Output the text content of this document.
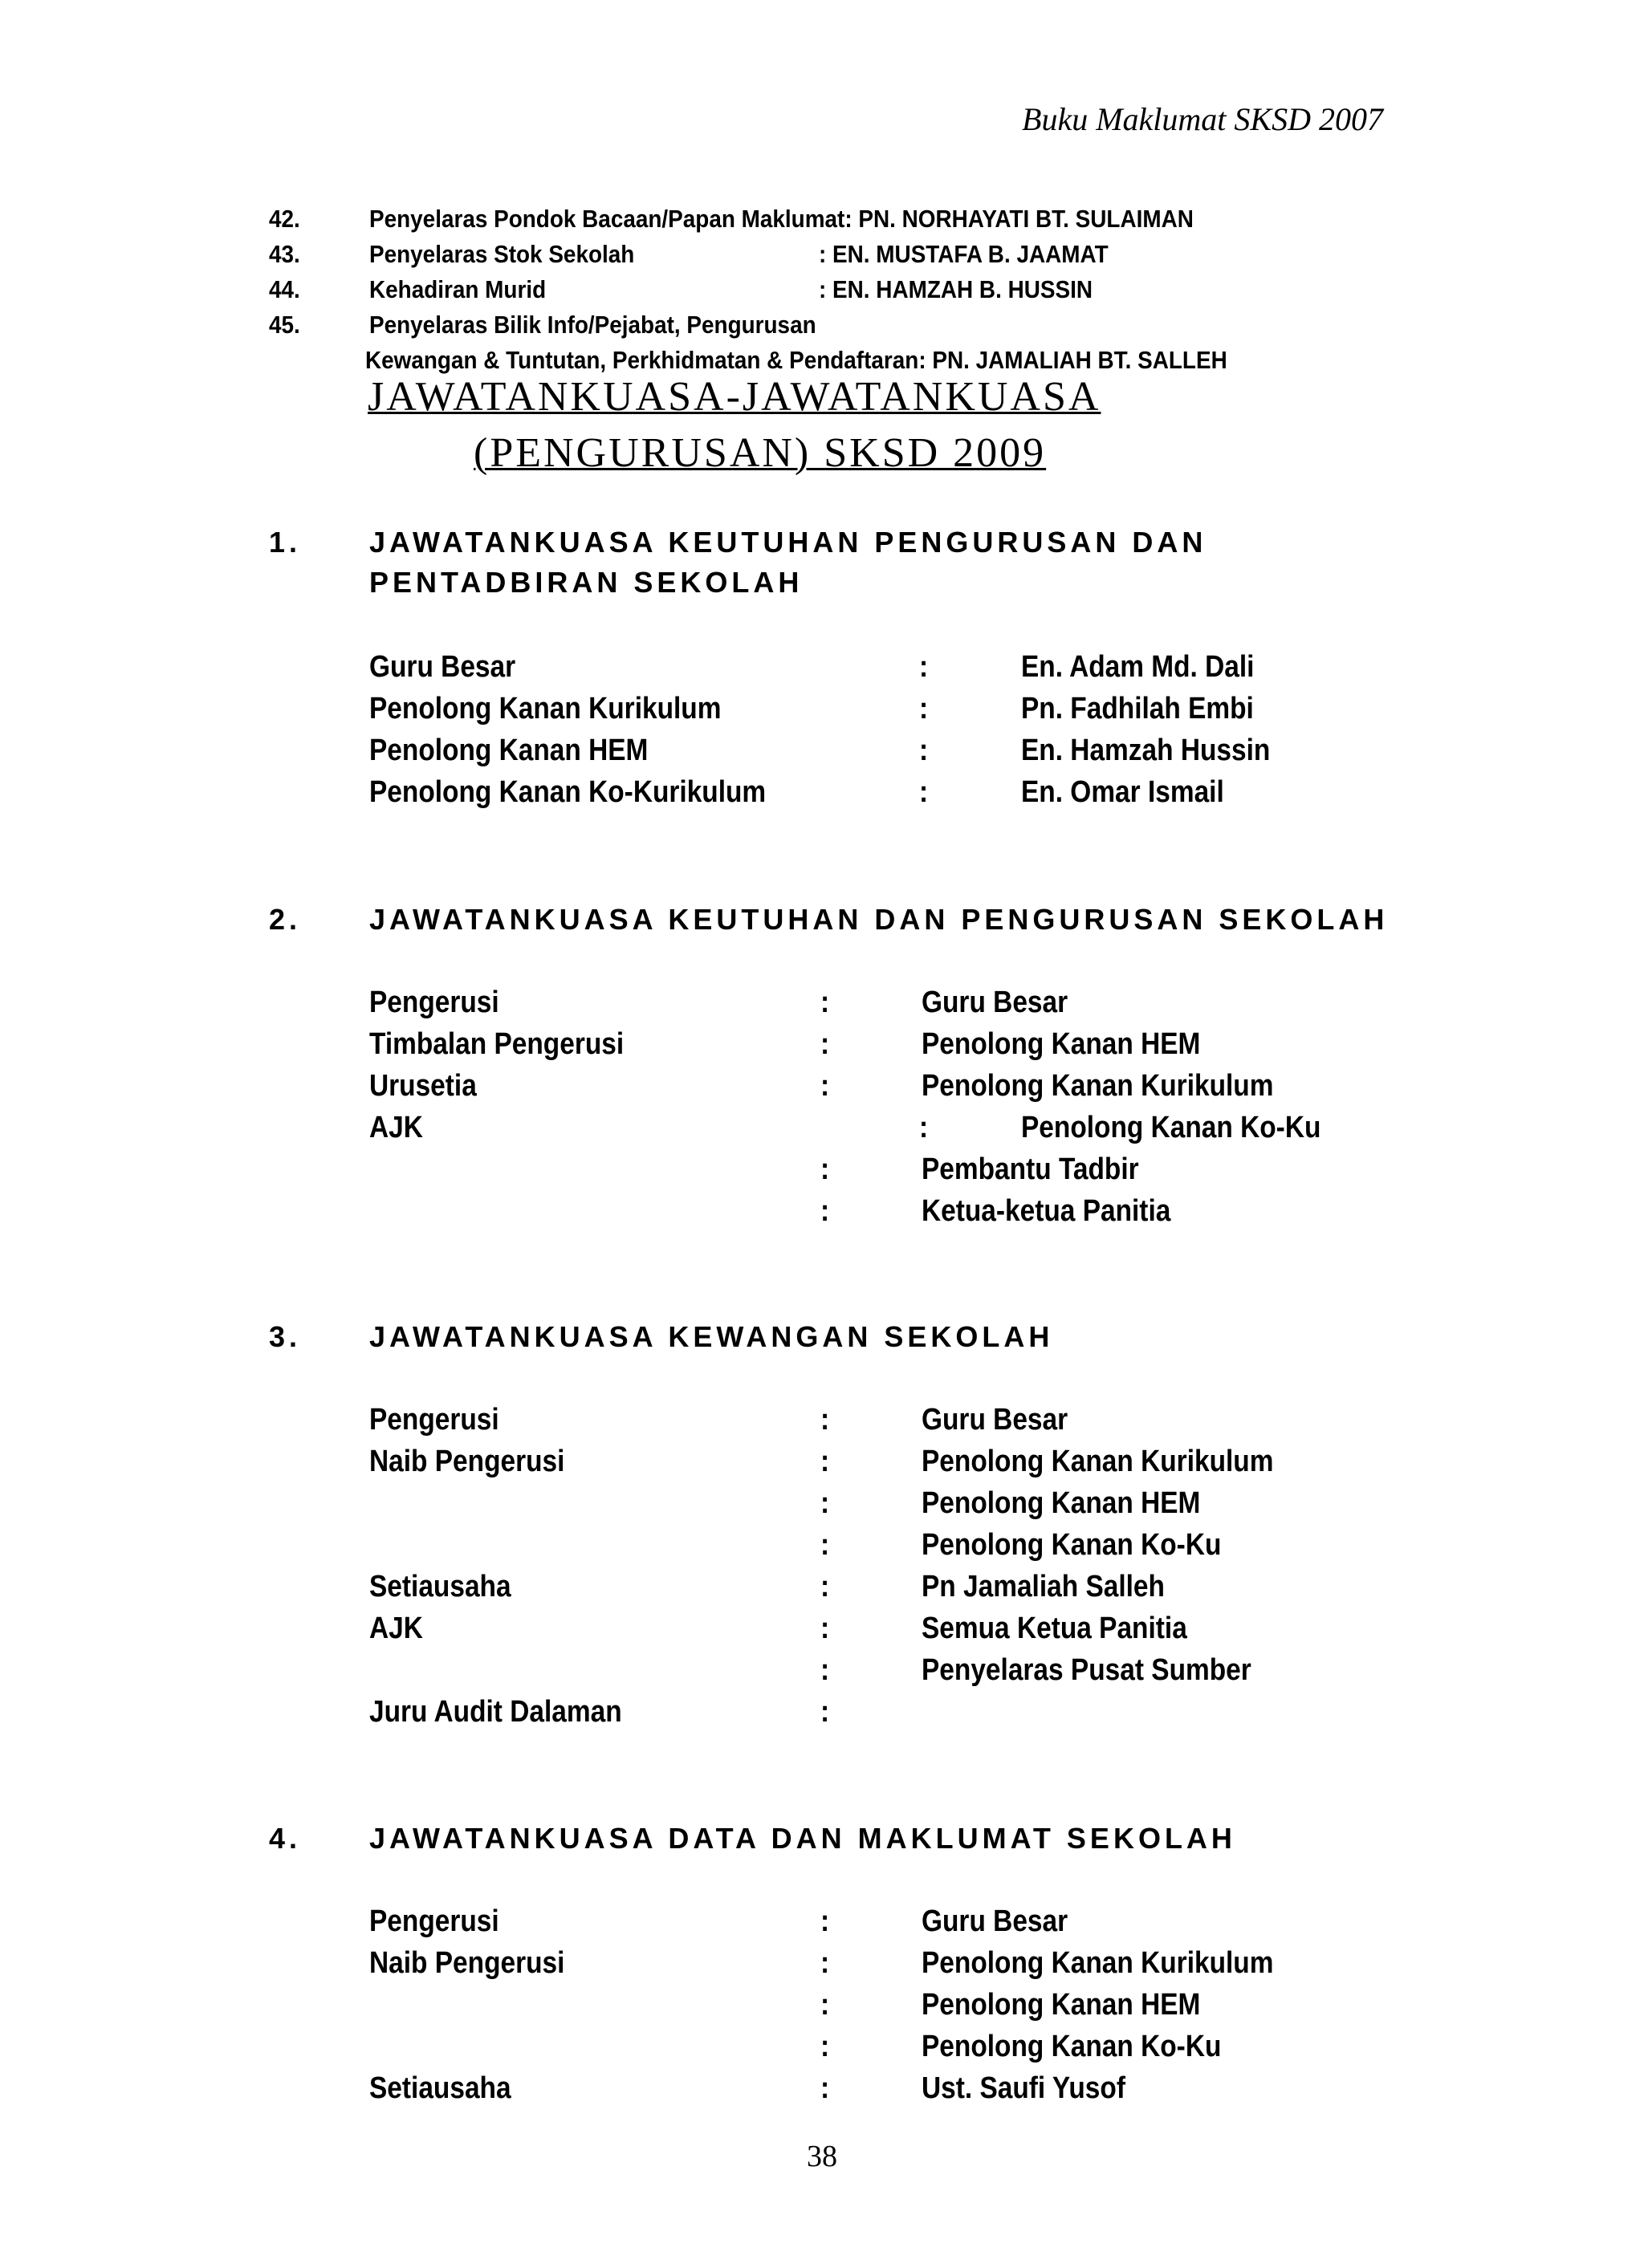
Buku Maklumat SKSD 2007
42.	Penyelaras Pondok Bacaan/Papan Maklumat: PN. NORHAYATI BT. SULAIMAN
43.	Penyelaras Stok Sekolah	: EN. MUSTAFA B. JAAMAT
44.	Kehadiran Murid	: EN. HAMZAH B. HUSSIN
45.	Penyelaras Bilik Info/Pejabat, Pengurusan
Kewangan & Tuntutan, Perkhidmatan & Pendaftaran: PN. JAMALIAH BT. SALLEH
JAWATANKUASA-JAWATANKUASA
(PENGURUSAN) SKSD 2009
1. JAWATANKUASA KEUTUHAN PENGURUSAN DAN
PENTADBIRAN SEKOLAH
Guru Besar	:	En. Adam Md. Dali
Penolong Kanan Kurikulum	:	Pn. Fadhilah Embi
Penolong Kanan HEM	:	En. Hamzah Hussin
Penolong Kanan Ko-Kurikulum	:	En. Omar Ismail
2. JAWATANKUASA KEUTUHAN DAN PENGURUSAN SEKOLAH
Pengerusi	:	Guru Besar
Timbalan Pengerusi	:	Penolong Kanan HEM
Urusetia	:	Penolong Kanan Kurikulum
AJK	:	Penolong Kanan Ko-Ku
:	Pembantu Tadbir
:	Ketua-ketua Panitia
3. JAWATANKUASA KEWANGAN SEKOLAH
Pengerusi	:	Guru Besar
Naib Pengerusi	:	Penolong Kanan Kurikulum
:	Penolong Kanan HEM
:	Penolong Kanan Ko-Ku
Setiausaha	:	Pn Jamaliah Salleh
AJK	:	Semua Ketua Panitia
:	Penyelaras Pusat Sumber
Juru Audit Dalaman	:
4. JAWATANKUASA DATA DAN MAKLUMAT SEKOLAH
Pengerusi	:	Guru Besar
Naib Pengerusi	:	Penolong Kanan Kurikulum
:	Penolong Kanan HEM
:	Penolong Kanan Ko-Ku
Setiausaha	:	Ust. Saufi Yusof
38
